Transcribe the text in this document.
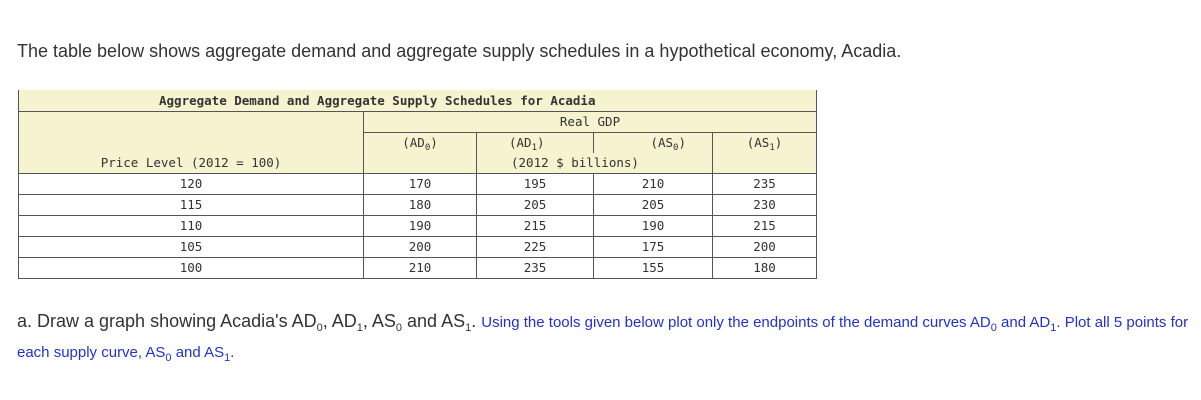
The table below shows aggregate demand and aggregate supply schedules in a hypothetical economy, Acadia.

Aggregate Demand and Aggregate Supply Schedules for Acadia				
	Real GDP			
	$(AD_0)$	$(AD_1)$	$(AS_0)$	$(AS_1)$
Price Level (2012 = 100)		(2012 $ billions)		
120	170	195	210	235
115	180	205	205	230
110	190	215	190	215
105	200	225	175	200
100	210	235	155	180

a. Draw a graph showing Acadia's $AD_0$, $AD_1$, $AS_0$ and $AS_1$. Using the tools given below plot only the endpoints of the demand curves $AD_0$ and $AD_1$. Plot all 5 points for each supply curve, $AS_0$ and $AS_1$.
